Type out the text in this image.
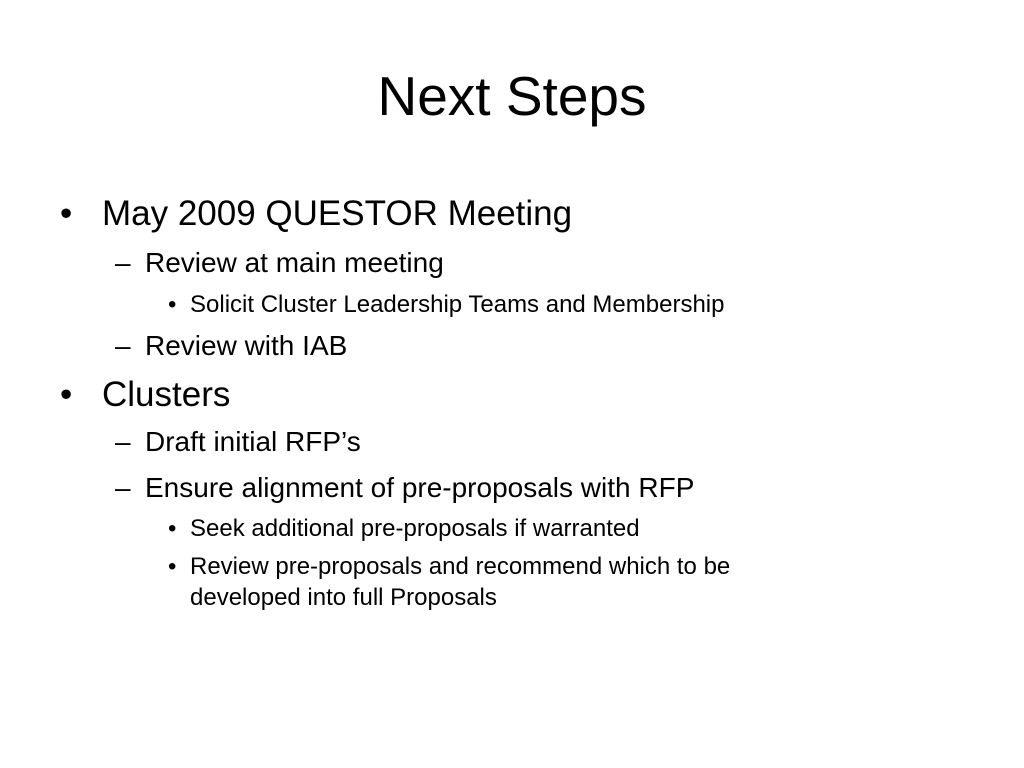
Next Steps
• May 2009 QUESTOR Meeting
– Review at main meeting
• Solicit Cluster Leadership Teams and Membership
– Review with IAB
• Clusters
– Draft initial RFP’s
– Ensure alignment of pre-proposals with RFP
• Seek additional pre-proposals if warranted
• Review pre-proposals and recommend which to be
developed into full Proposals
